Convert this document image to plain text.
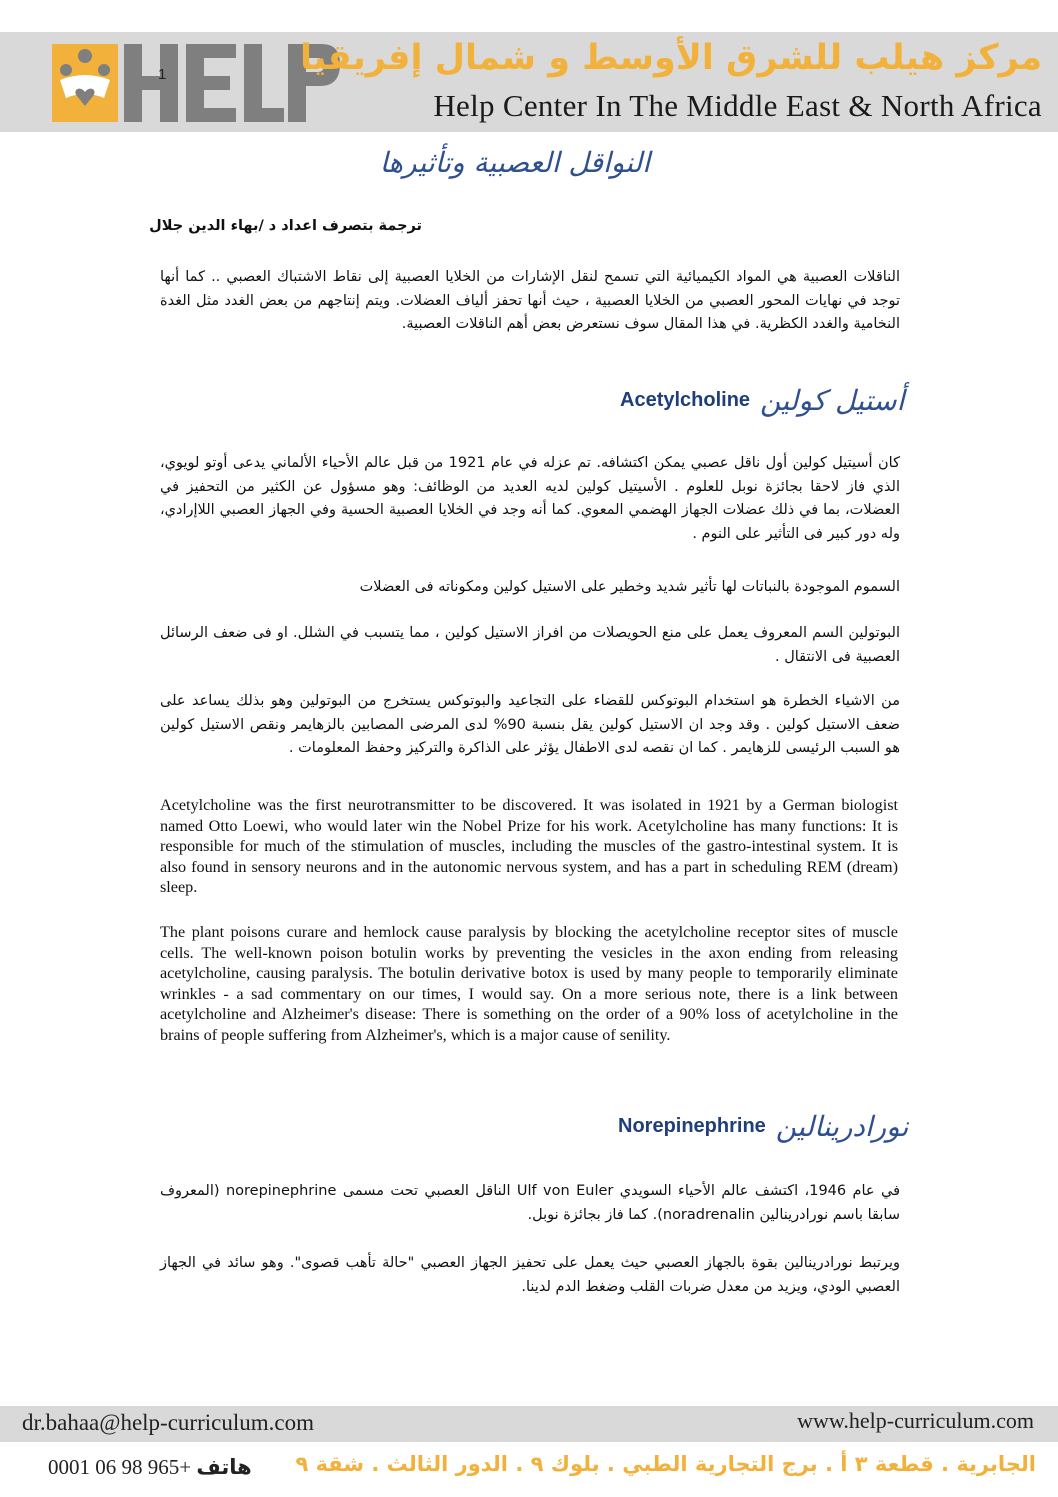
1	مركز هيلب للشرق الأوسط و شمال إفريقيا
Help Center In The Middle East & North Africa
النواقل العصبية وتأثيرها
ترجمة بتصرف اعداد د /بهاء الدين جلال
الناقلات العصبية هي المواد الكيميائية التي تسمح لنقل الإشارات من الخلايا العصبية إلى نقاط الاشتباك العصبي .. كما أنها توجد في نهايات المحور العصبي من الخلايا العصبية ، حيث أنها تحفز ألياف العضلات. ويتم إنتاجهم من بعض الغدد مثل الغدة النخامية والغدد الكظرية. في هذا المقال سوف نستعرض بعض أهم الناقلات العصبية.
Acetylcholine أستيل كولين
كان أسيتيل كولين أول ناقل عصبي يمكن اكتشافه. تم عزله في عام 1921 من قبل عالم الأحياء الألماني يدعى أوتو لويوي، الذي فاز لاحقا بجائزة نوبل للعلوم . الأسيتيل كولين لديه العديد من الوظائف: وهو مسؤول عن الكثير من التحفيز في العضلات، بما في ذلك عضلات الجهاز الهضمي المعوي. كما أنه وجد في الخلايا العصبية الحسية وفي الجهاز العصبي اللاإرادي، وله دور كبير فى التأثير على النوم .
السموم الموجودة بالنباتات لها تأثير شديد وخطير على الاستيل كولين ومكوناته فى العضلات
البوتولين السم المعروف يعمل على منع الحويصلات من افراز الاستيل كولين ، مما يتسبب في الشلل. او فى ضعف الرسائل العصبية فى الانتقال .
من الاشياء الخطرة هو استخدام البوتوكس للقضاء على التجاعيد والبوتوكس يستخرج من البوتولين وهو بذلك يساعد على ضعف الاستيل كولين . وقد وجد ان الاستيل كولين يقل بنسبة 90% لدى المرضى المصابين بالزهايمر ونقص الاستيل كولين هو السبب الرئيسى للزهايمر . كما ان نقصه لدى الاطفال يؤثر على الذاكرة والتركيز وحفظ المعلومات .
Acetylcholine was the first neurotransmitter to be discovered. It was isolated in 1921 by a German biologist named Otto Loewi, who would later win the Nobel Prize for his work. Acetylcholine has many functions: It is responsible for much of the stimulation of muscles, including the muscles of the gastro-intestinal system. It is also found in sensory neurons and in the autonomic nervous system, and has a part in scheduling REM (dream) sleep.
The plant poisons curare and hemlock cause paralysis by blocking the acetylcholine receptor sites of muscle cells. The well-known poison botulin works by preventing the vesicles in the axon ending from releasing acetylcholine, causing paralysis. The botulin derivative botox is used by many people to temporarily eliminate wrinkles - a sad commentary on our times, I would say. On a more serious note, there is a link between acetylcholine and Alzheimer's disease: There is something on the order of a 90% loss of acetylcholine in the brains of people suffering from Alzheimer's, which is a major cause of senility.
Norepinephrine نورادرينالين
في عام 1946، اكتشف عالم الأحياء السويدي Ulf von Euler الناقل العصبي تحت مسمى norepinephrine (المعروف سابقا باسم نورادرينالين noradrenalin). كما فاز بجائزة نوبل.
ويرتبط نورادرينالين بقوة بالجهاز العصبي حيث يعمل على تحفيز الجهاز العصبي "حالة تأهب قصوى". وهو سائد في الجهاز العصبي الودي، ويزيد من معدل ضربات القلب وضغط الدم لدينا.
dr.bahaa@help-curriculum.com	www.help-curriculum.com
هاتف +965 98 06 0001	الجابرية . قطعة ٣ أ . برج التجارية الطبي . بلوك ٩ . الدور الثالث . شقة ٩
